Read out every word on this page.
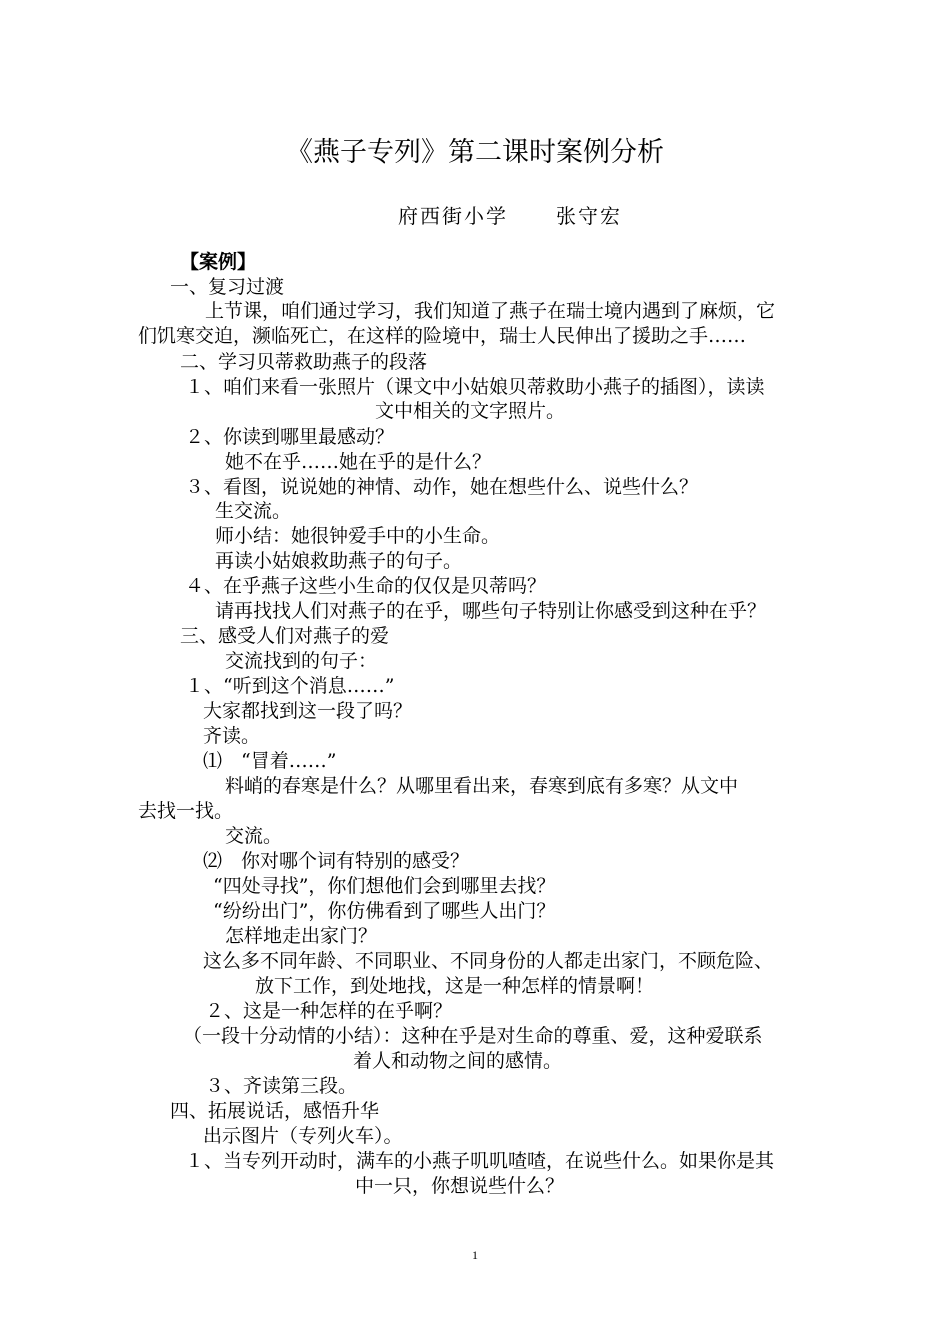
《燕子专列》第二课时案例分析
府西街小学 张守宏
【案例】
一、复习过渡
上节课，咱们通过学习，我们知道了燕子在瑞士境内遇到了麻烦，它
们饥寒交迫，濒临死亡，在这样的险境中，瑞士人民伸出了援助之手……
二、学习贝蒂救助燕子的段落
１、咱们来看一张照片（课文中小姑娘贝蒂救助小燕子的插图），读读
文中相关的文字照片。
２、你读到哪里最感动？
她不在乎……她在乎的是什么？
３、看图，说说她的神情、动作，她在想些什么、说些什么？
生交流。
师小结：她很钟爱手中的小生命。
再读小姑娘救助燕子的句子。
４、在乎燕子这些小生命的仅仅是贝蒂吗？
请再找找人们对燕子的在乎，哪些句子特别让你感受到这种在乎？
三、感受人们对燕子的爱
交流找到的句子：
１、“听到这个消息……”
大家都找到这一段了吗？
齐读。
⑴　“冒着……”
料峭的春寒是什么？从哪里看出来，春寒到底有多寒？从文中
去找一找。
交流。
⑵　你对哪个词有特别的感受？
“四处寻找”，你们想他们会到哪里去找？
“纷纷出门”，你仿佛看到了哪些人出门？
怎样地走出家门？
这么多不同年龄、不同职业、不同身份的人都走出家门，不顾危险、
放下工作，到处地找，这是一种怎样的情景啊！
２、这是一种怎样的在乎啊？
（一段十分动情的小结）：这种在乎是对生命的尊重、爱，这种爱联系
着人和动物之间的感情。
３、齐读第三段。
四、拓展说话，感悟升华
出示图片（专列火车）。
１、当专列开动时，满车的小燕子叽叽喳喳，在说些什么。如果你是其
中一只，你想说些什么？
1
